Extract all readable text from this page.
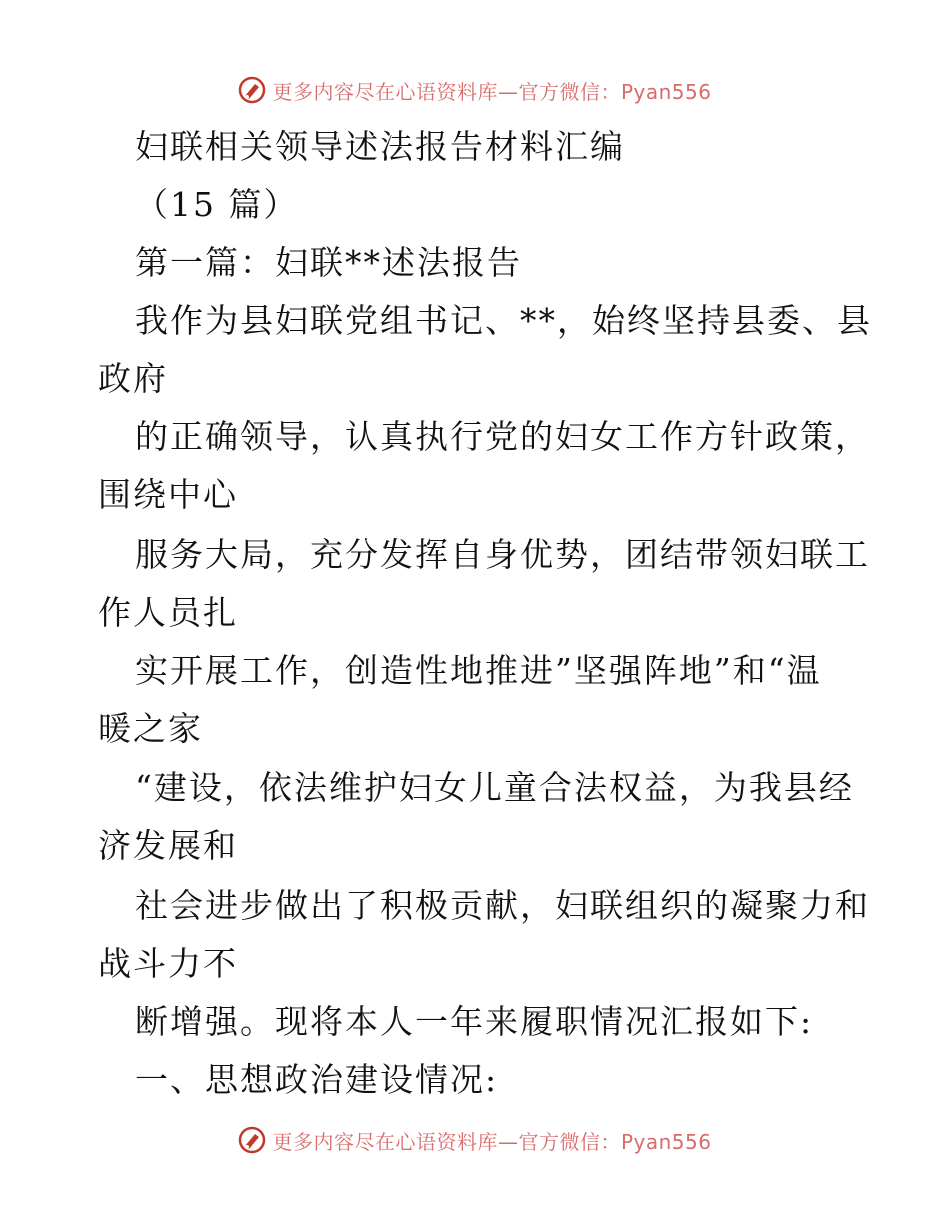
更多内容尽在心语资料库—官方微信：Pyan556
妇联相关领导述法报告材料汇编
（15 篇）
第一篇：妇联**述法报告
我作为县妇联党组书记、**，始终坚持县委、县
政府
的正确领导，认真执行党的妇女工作方针政策，
围绕中心
服务大局，充分发挥自身优势，团结带领妇联工
作人员扎
实开展工作，创造性地推进”坚强阵地”和“温
暖之家
“建设，依法维护妇女儿童合法权益，为我县经
济发展和
社会进步做出了积极贡献，妇联组织的凝聚力和
战斗力不
断增强。现将本人一年来履职情况汇报如下:
一、思想政治建设情况:
更多内容尽在心语资料库—官方微信：Pyan556
